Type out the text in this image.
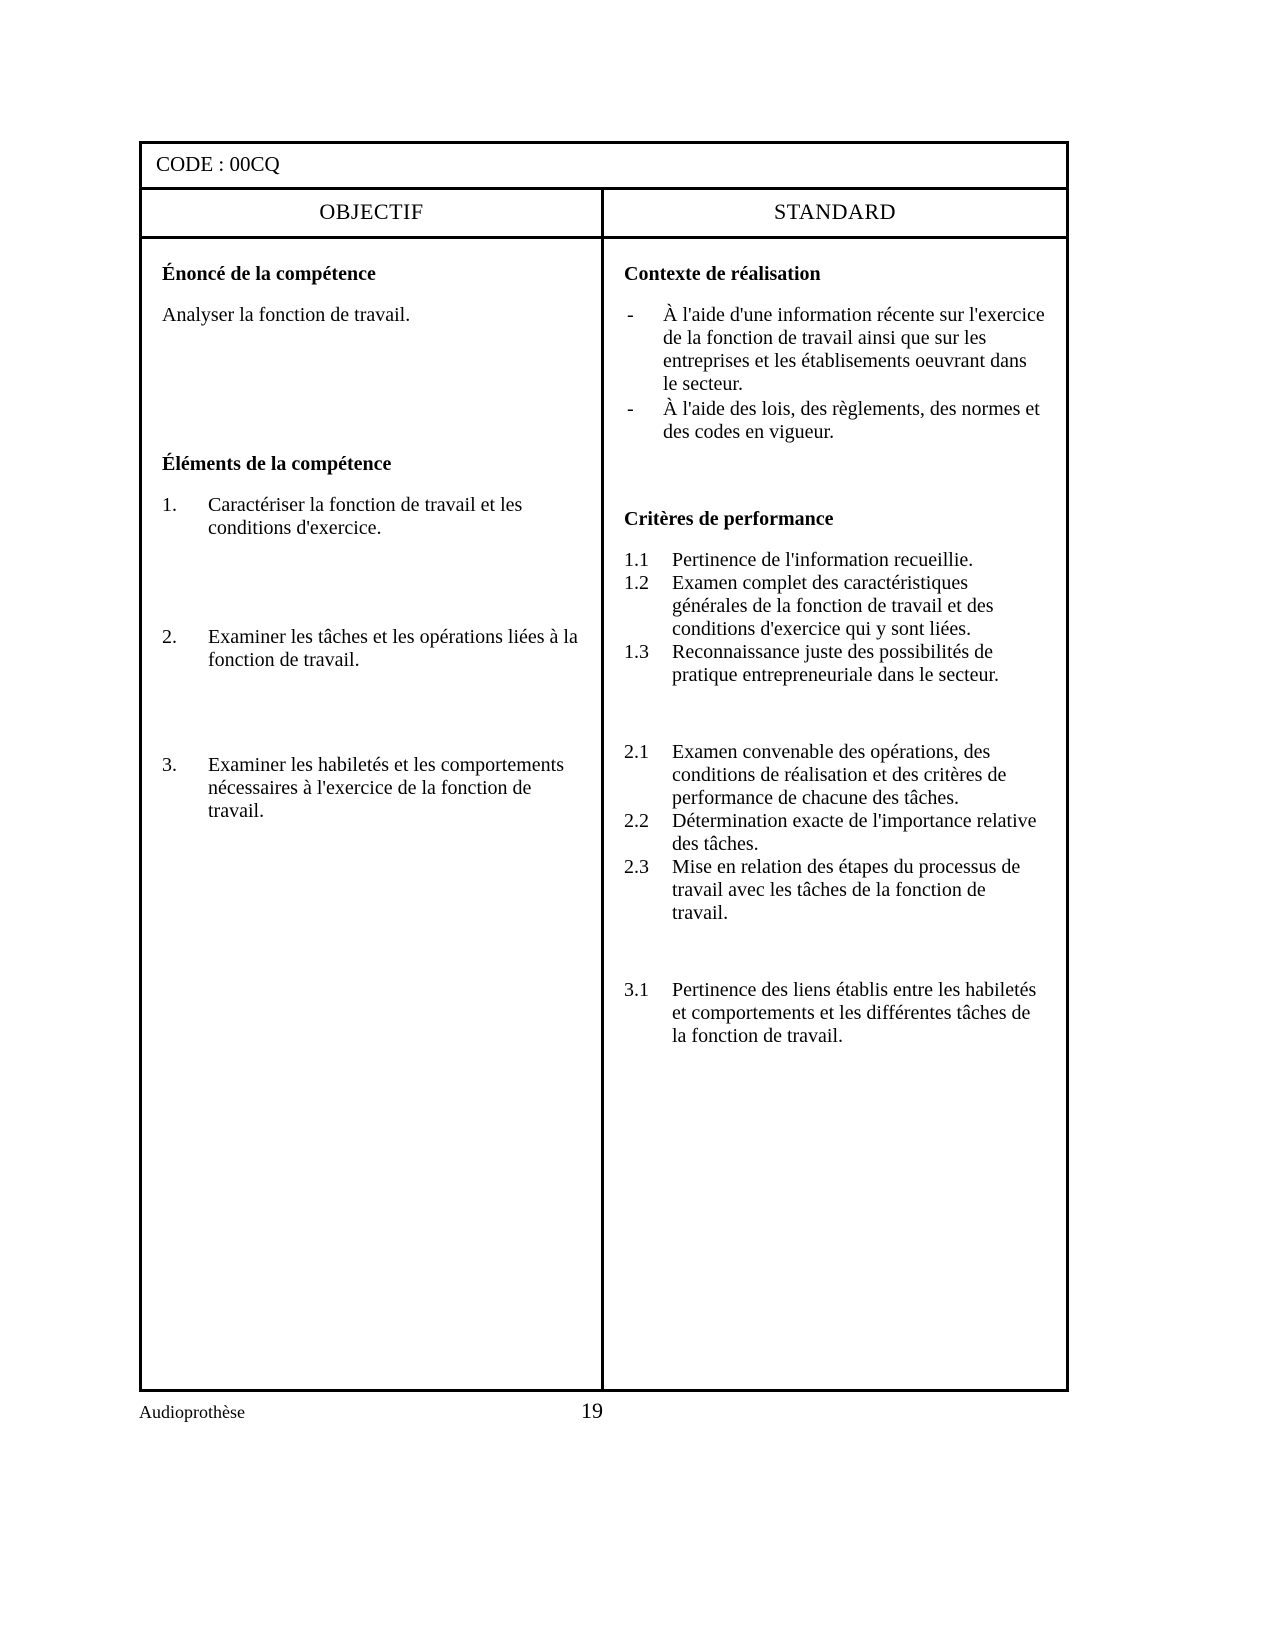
CODE : 00CQ
OBJECTIF	STANDARD
Énoncé de la compétence
Analyser la fonction de travail.
Éléments de la compétence
1.	Caractériser la fonction de travail et les conditions d'exercice.
2.	Examiner les tâches et les opérations liées à la fonction de travail.
3.	Examiner les habiletés et les comportements nécessaires à l'exercice de la fonction de travail.
Contexte de réalisation
-	À l'aide d'une information récente sur l'exercice de la fonction de travail ainsi que sur les entreprises et les établisements oeuvrant dans le secteur.
-	À l'aide des lois, des règlements, des normes et des codes en vigueur.
Critères de performance
1.1	Pertinence de l'information recueillie.
1.2	Examen complet des caractéristiques générales de la fonction de travail et des conditions d'exercice qui y sont liées.
1.3	Reconnaissance juste des possibilités de pratique entrepreneuriale dans le secteur.
2.1	Examen convenable des opérations, des conditions de réalisation et des critères de performance de chacune des tâches.
2.2	Détermination exacte de l'importance relative des tâches.
2.3	Mise en relation des étapes du processus de travail avec les tâches de la fonction de travail.
3.1	Pertinence des liens établis entre les habiletés et comportements et les différentes tâches de la fonction de travail.
Audioprothèse	19
